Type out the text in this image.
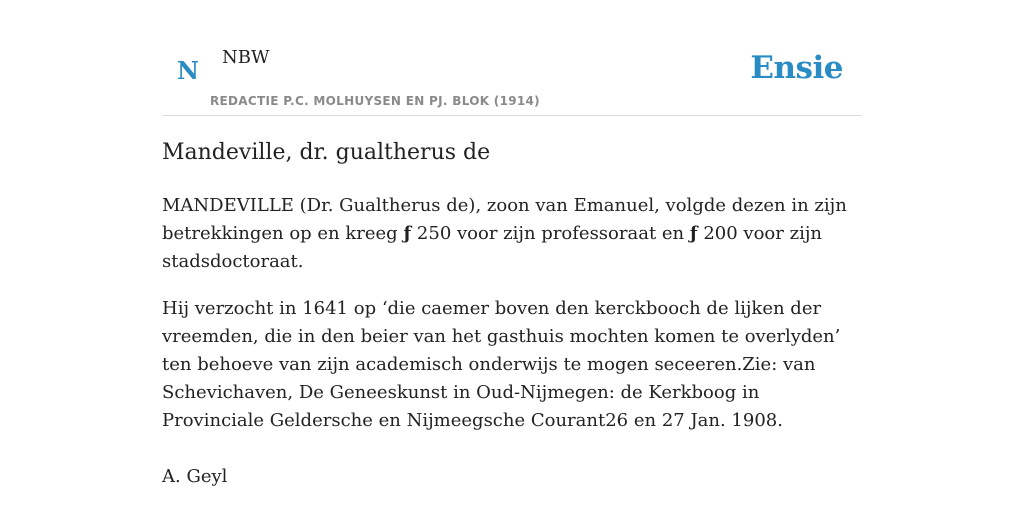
N NBW
REDACTIE P.C. MOLHUYSEN EN PJ. BLOK (1914)
Ensie
Mandeville, dr. gualtherus de

MANDEVILLE (Dr. Gualtherus de), zoon van Emanuel, volgde dezen in zijn betrekkingen op en kreeg ƒ 250 voor zijn professoraat en ƒ 200 voor zijn stadsdoctoraat.

Hij verzocht in 1641 op ‘die caemer boven den kerckbooch de lijken der vreemden, die in den beier van het gasthuis mochten komen te overlyden’ ten behoeve van zijn academisch onderwijs te mogen seceeren.Zie: van Schevichaven, De Geneeskunst in Oud-Nijmegen: de Kerkboog in Provinciale Geldersche en Nijmeegsche Courant26 en 27 Jan. 1908.

A. Geyl
